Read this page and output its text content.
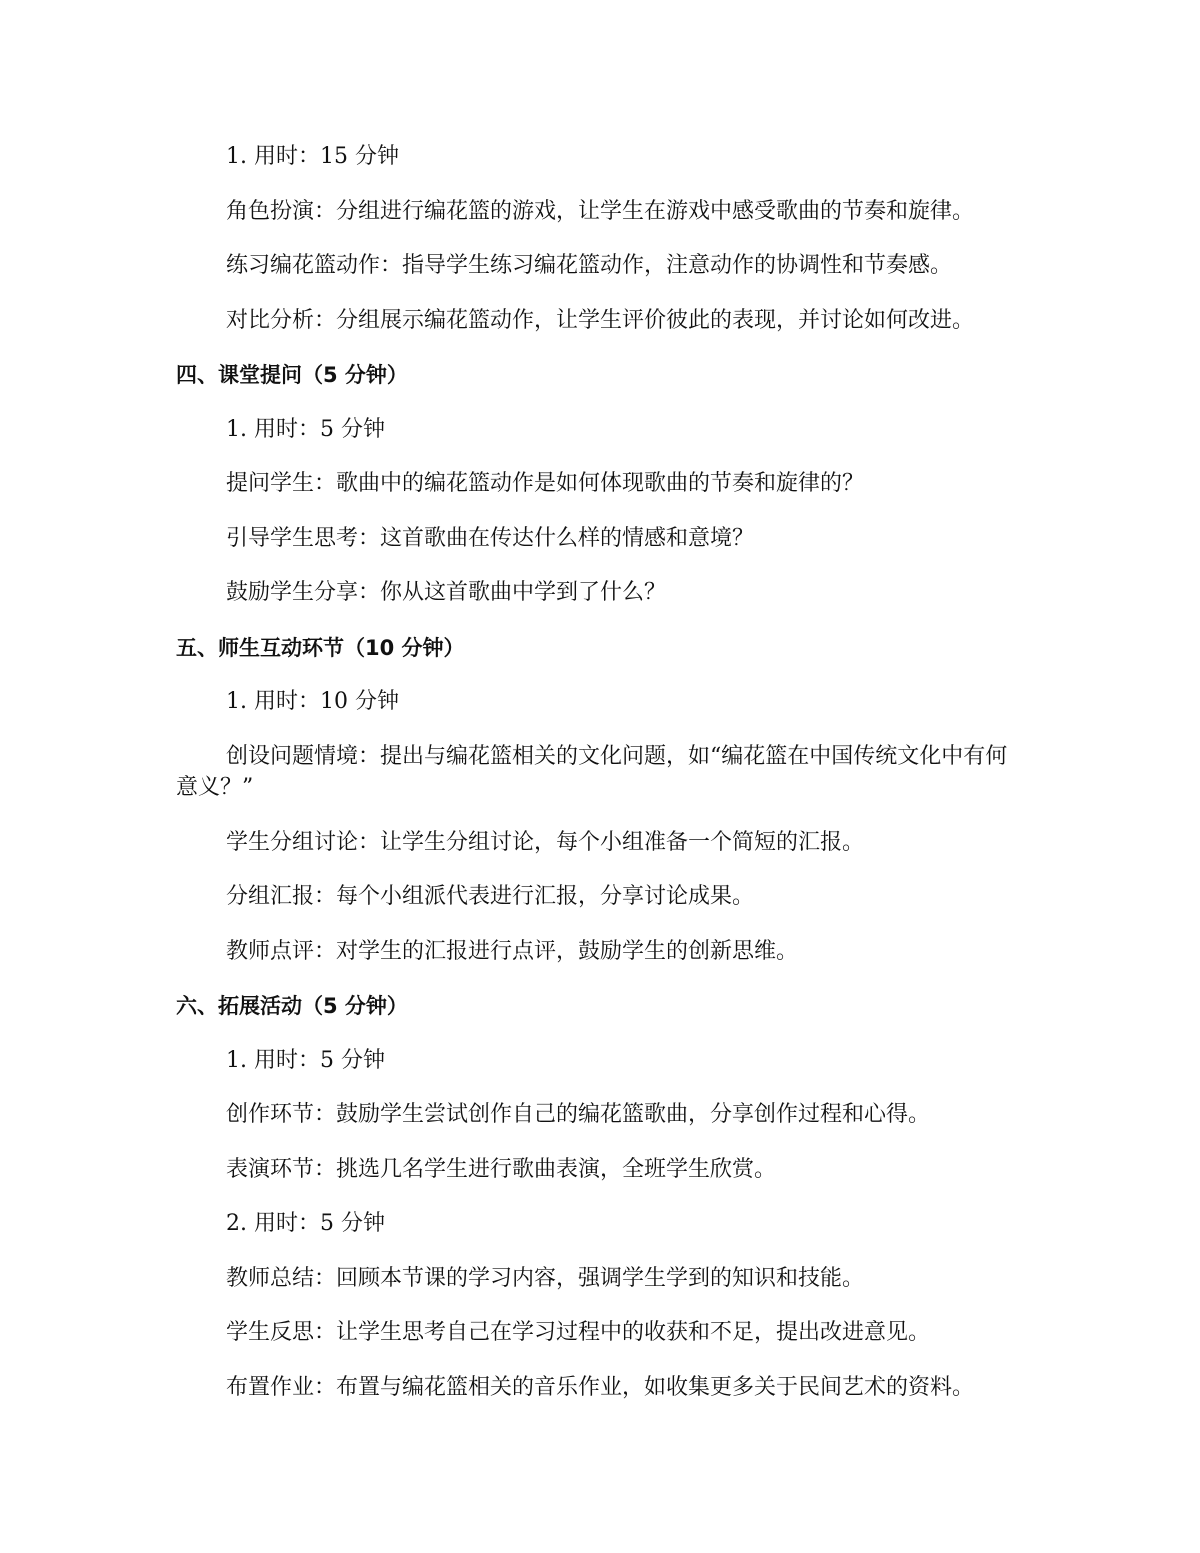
1. 用时：15 分钟
角色扮演：分组进行编花篮的游戏，让学生在游戏中感受歌曲的节奏和旋律。
练习编花篮动作：指导学生练习编花篮动作，注意动作的协调性和节奏感。
对比分析：分组展示编花篮动作，让学生评价彼此的表现，并讨论如何改进。
四、课堂提问（5 分钟）
1. 用时：5 分钟
提问学生：歌曲中的编花篮动作是如何体现歌曲的节奏和旋律的？
引导学生思考：这首歌曲在传达什么样的情感和意境？
鼓励学生分享：你从这首歌曲中学到了什么？
五、师生互动环节（10 分钟）
1. 用时：10 分钟
创设问题情境：提出与编花篮相关的文化问题，如“编花篮在中国传统文化中有何意义？”
学生分组讨论：让学生分组讨论，每个小组准备一个简短的汇报。
分组汇报：每个小组派代表进行汇报，分享讨论成果。
教师点评：对学生的汇报进行点评，鼓励学生的创新思维。
六、拓展活动（5 分钟）
1. 用时：5 分钟
创作环节：鼓励学生尝试创作自己的编花篮歌曲，分享创作过程和心得。
表演环节：挑选几名学生进行歌曲表演，全班学生欣赏。
2. 用时：5 分钟
教师总结：回顾本节课的学习内容，强调学生学到的知识和技能。
学生反思：让学生思考自己在学习过程中的收获和不足，提出改进意见。
布置作业：布置与编花篮相关的音乐作业，如收集更多关于民间艺术的资料。
